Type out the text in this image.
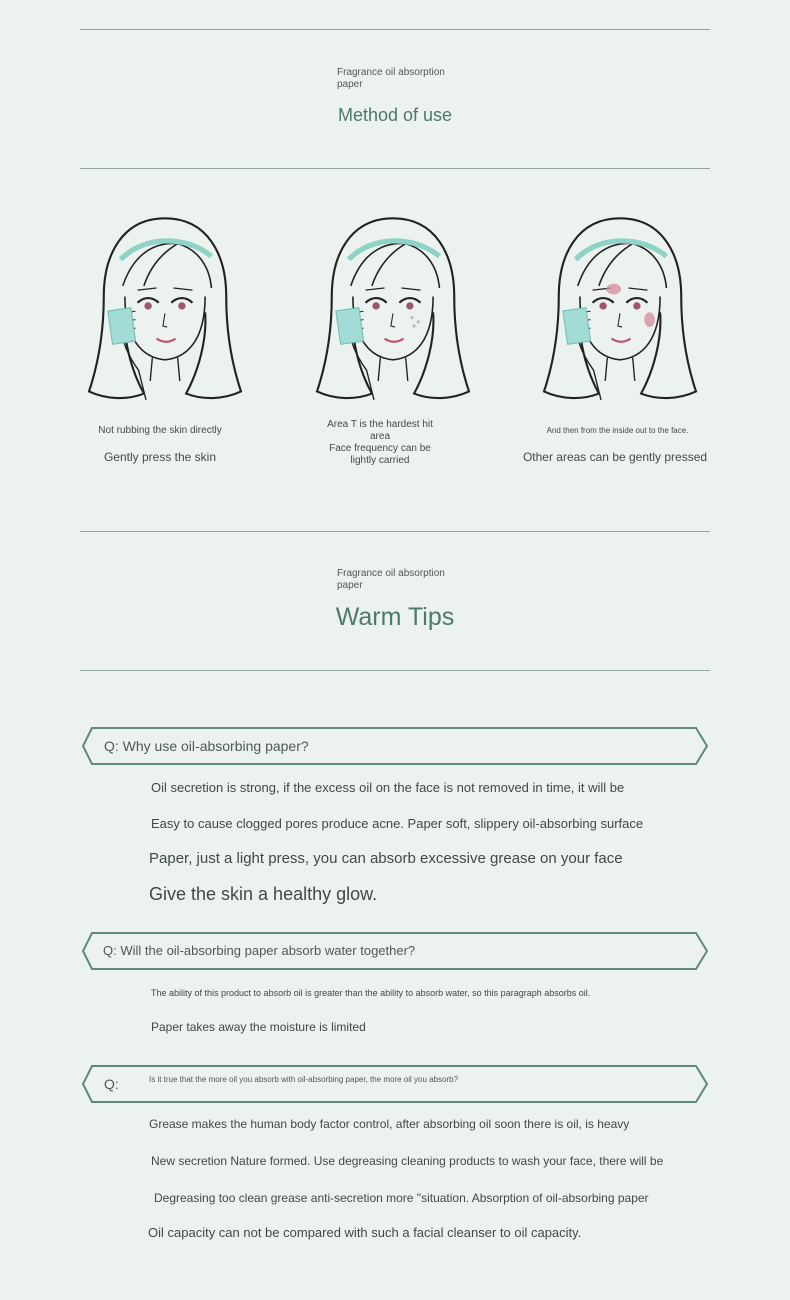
Fragrance oil absorption paper
Method of use
Not rubbing the skin directly
Gently press the skin
Area T is the hardest hit area
Face frequency can be lightly carried
And then from the inside out to the face.
Other areas can be gently pressed
Fragrance oil absorption paper
Warm Tips
Q: Why use oil-absorbing paper?
Oil secretion is strong, if the excess oil on the face is not removed in time, it will be
Easy to cause clogged pores produce acne. Paper soft, slippery oil-absorbing surface
Paper, just a light press, you can absorb excessive grease on your face
Give the skin a healthy glow.
Q: Will the oil-absorbing paper absorb water together?
The ability of this product to absorb oil is greater than the ability to absorb water, so this paragraph absorbs oil.
Paper takes away the moisture is limited
Q:	Is it true that the more oil you absorb with oil-absorbing paper, the more oil you absorb?
Grease makes the human body factor control, after absorbing oil soon there is oil, is heavy
New secretion Nature formed. Use degreasing cleaning products to wash your face, there will be
Degreasing too clean grease anti-secretion more "situation. Absorption of oil-absorbing paper
Oil capacity can not be compared with such a facial cleanser to oil capacity.
